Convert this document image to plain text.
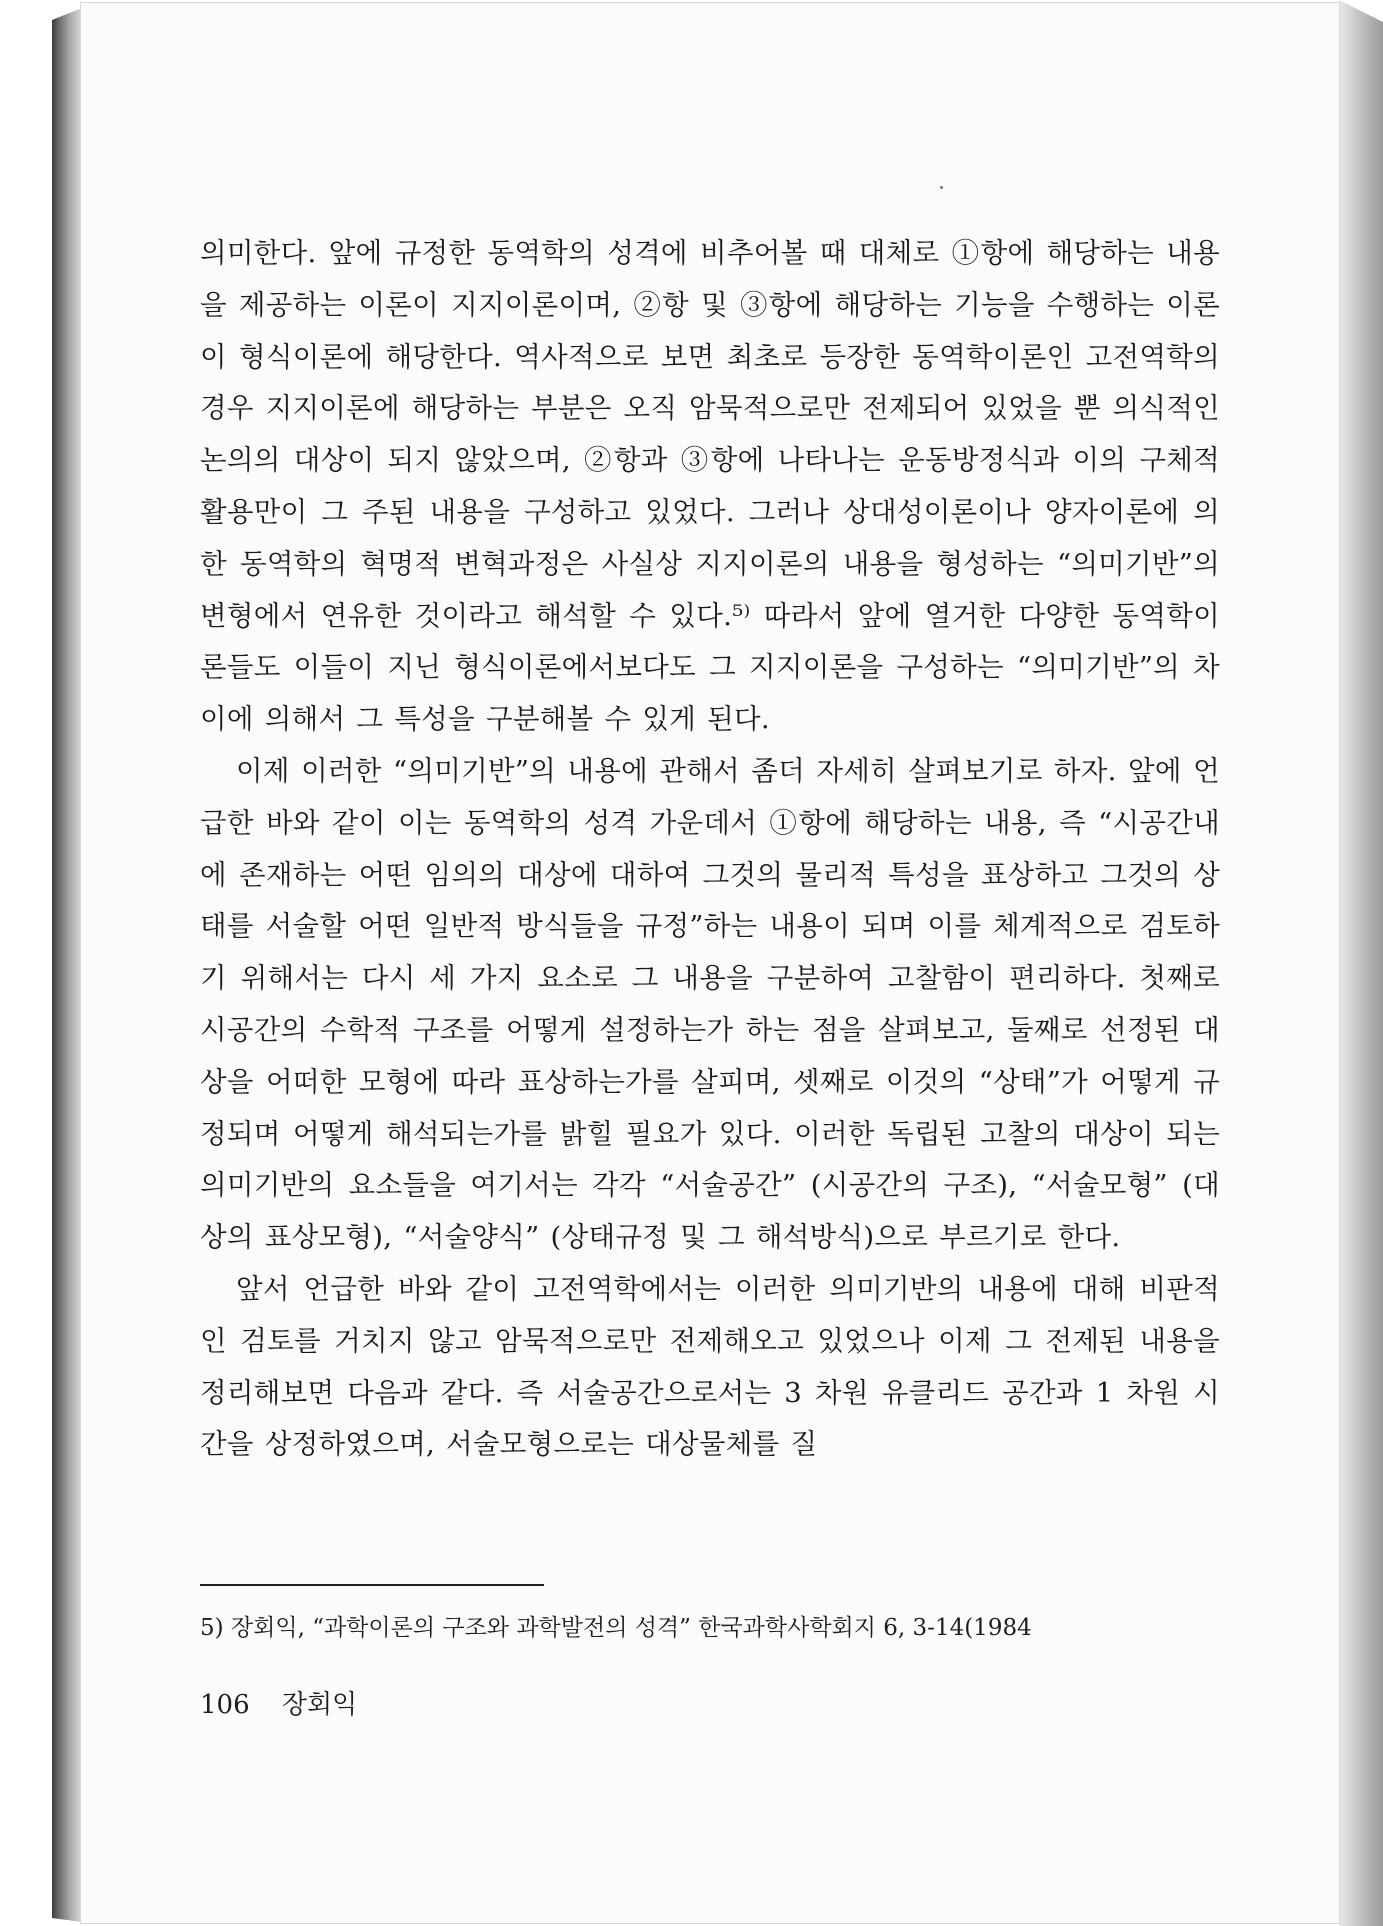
의미한다. 앞에 규정한 동역학의 성격에 비추어볼 때 대체로 ①항에 해당하는 내용을 제공하는 이론이 지지이론이며, ②항 및 ③항에 해당하는 기능을 수행하는 이론이 형식이론에 해당한다. 역사적으로 보면 최초로 등장한 동역학이론인 고전역학의 경우 지지이론에 해당하는 부분은 오직 암묵적으로만 전제되어 있었을 뿐 의식적인 논의의 대상이 되지 않았으며, ②항과 ③항에 나타나는 운동방정식과 이의 구체적 활용만이 그 주된 내용을 구성하고 있었다. 그러나 상대성이론이나 양자이론에 의한 동역학의 혁명적 변혁과정은 사실상 지지이론의 내용을 형성하는 “의미기반”의 변형에서 연유한 것이라고 해석할 수 있다.⁵⁾ 따라서 앞에 열거한 다양한 동역학이론들도 이들이 지닌 형식이론에서보다도 그 지지이론을 구성하는 “의미기반”의 차이에 의해서 그 특성을 구분해볼 수 있게 된다.

이제 이러한 “의미기반”의 내용에 관해서 좀더 자세히 살펴보기로 하자. 앞에 언급한 바와 같이 이는 동역학의 성격 가운데서 ①항에 해당하는 내용, 즉 “시공간내에 존재하는 어떤 임의의 대상에 대하여 그것의 물리적 특성을 표상하고 그것의 상태를 서술할 어떤 일반적 방식들을 규정”하는 내용이 되며 이를 체계적으로 검토하기 위해서는 다시 세 가지 요소로 그 내용을 구분하여 고찰함이 편리하다. 첫째로 시공간의 수학적 구조를 어떻게 설정하는가 하는 점을 살펴보고, 둘째로 선정된 대상을 어떠한 모형에 따라 표상하는가를 살피며, 셋째로 이것의 “상태”가 어떻게 규정되며 어떻게 해석되는가를 밝힐 필요가 있다. 이러한 독립된 고찰의 대상이 되는 의미기반의 요소들을 여기서는 각각 “서술공간” (시공간의 구조), “서술모형” (대상의 표상모형), “서술양식” (상태규정 및 그 해석방식)으로 부르기로 한다.

앞서 언급한 바와 같이 고전역학에서는 이러한 의미기반의 내용에 대해 비판적인 검토를 거치지 않고 암묵적으로만 전제해오고 있었으나 이제 그 전제된 내용을 정리해보면 다음과 같다. 즉 서술공간으로서는 3 차원 유클리드 공간과 1 차원 시간을 상정하였으며, 서술모형으로는 대상물체를 질

5) 장회익, “과학이론의 구조와 과학발전의 성격” 한국과학사학회지 6, 3-14(1984
106 장회익
